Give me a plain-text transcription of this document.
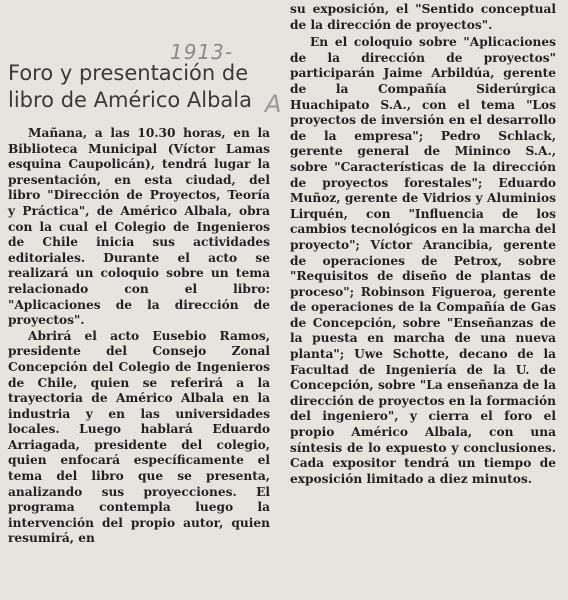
1913-
Foro y presentación de
libro de Américo Albala A

Mañana, a las 10.30 horas, en la Biblioteca Municipal (Víctor Lamas esquina Caupolicán), tendrá lugar la presentación, en esta ciudad, del libro "Dirección de Proyectos, Teoría y Práctica", de Américo Albala, obra con la cual el Colegio de Ingenieros de Chile inicia sus actividades editoriales. Durante el acto se realizará un coloquio sobre un tema relacionado con el libro: "Aplicaciones de la dirección de proyectos".

Abrirá el acto Eusebio Ramos, presidente del Consejo Zonal Concepción del Colegio de Ingenieros de Chile, quien se referirá a la trayectoria de Américo Albala en la industria y en las universidades locales. Luego hablará Eduardo Arriagada, presidente del colegio, quien enfocará específicamente el tema del libro que se presenta, analizando sus proyecciones. El programa contempla luego la intervención del propio autor, quien resumirá, en

su exposición, el "Sentido conceptual de la dirección de proyectos".

En el coloquio sobre "Aplicaciones de la dirección de proyectos" participarán Jaime Arbildúa, gerente de la Compañía Siderúrgica Huachipato S.A., con el tema "Los proyectos de inversión en el desarrollo de la empresa"; Pedro Schlack, gerente general de Mininco S.A., sobre "Características de la dirección de proyectos forestales"; Eduardo Muñoz, gerente de Vidrios y Aluminios Lirquén, con "Influencia de los cambios tecnológicos en la marcha del proyecto"; Víctor Arancibia, gerente de operaciones de Petrox, sobre "Requisitos de diseño de plantas de proceso"; Robinson Figueroa, gerente de operaciones de la Compañía de Gas de Concepción, sobre "Enseñanzas de la puesta en marcha de una nueva planta"; Uwe Schotte, decano de la Facultad de Ingeniería de la U. de Concepción, sobre "La enseñanza de la dirección de proyectos en la formación del ingeniero", y cierra el foro el propio Américo Albala, con una síntesis de lo expuesto y conclusiones. Cada expositor tendrá un tiempo de exposición limitado a diez minutos.
